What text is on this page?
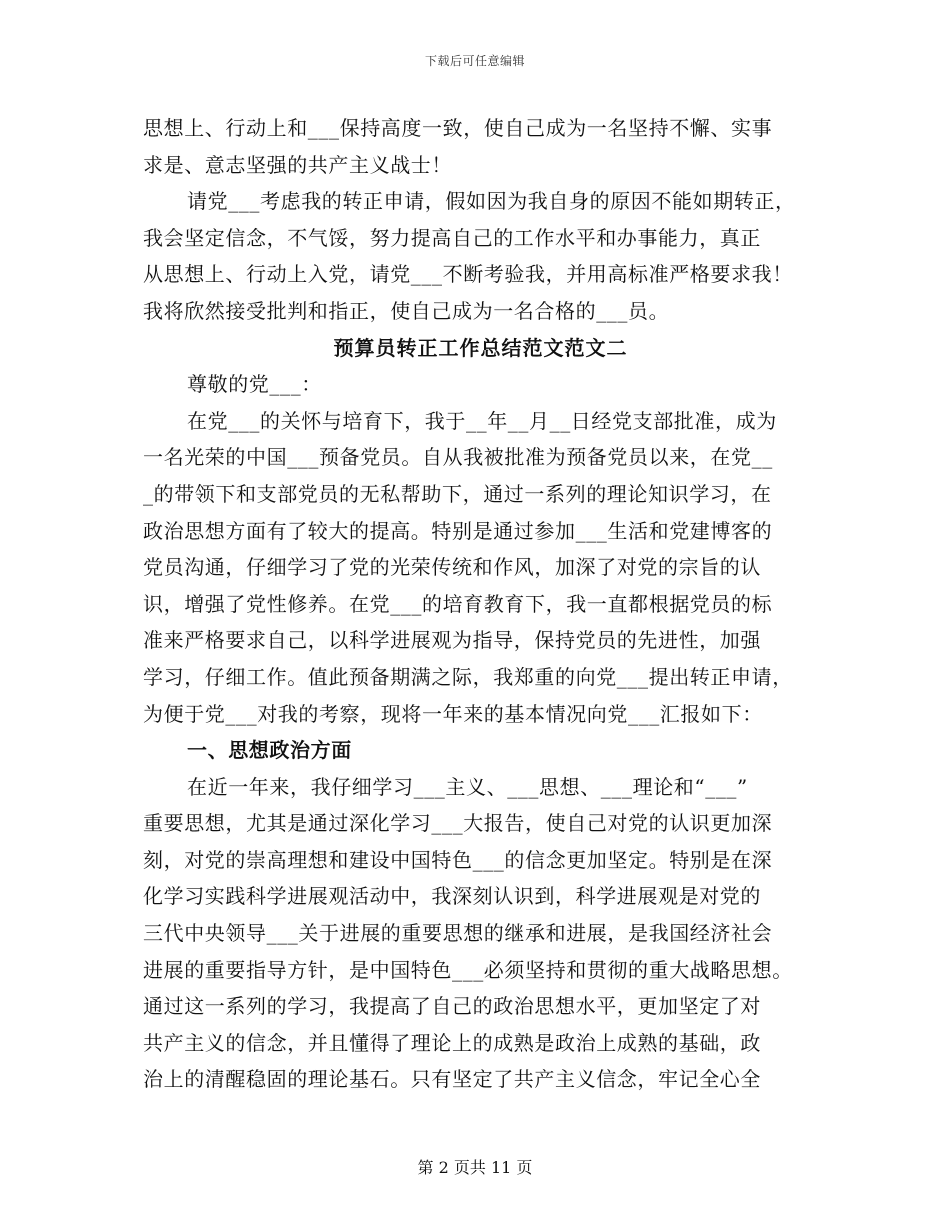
下载后可任意编辑
思想上、行动上和___保持高度一致，使自己成为一名坚持不懈、实事
求是、意志坚强的共产主义战士！
请党___考虑我的转正申请，假如因为我自身的原因不能如期转正，
我会坚定信念，不气馁，努力提高自己的工作水平和办事能力，真正
从思想上、行动上入党，请党___不断考验我，并用高标准严格要求我！
我将欣然接受批判和指正，使自己成为一名合格的___员。
预算员转正工作总结范文范文二
尊敬的党___：
在党___的关怀与培育下，我于__年__月__日经党支部批准，成为
一名光荣的中国___预备党员。自从我被批准为预备党员以来，在党__
_的带领下和支部党员的无私帮助下，通过一系列的理论知识学习，在
政治思想方面有了较大的提高。特别是通过参加___生活和党建博客的
党员沟通，仔细学习了党的光荣传统和作风，加深了对党的宗旨的认
识，增强了党性修养。在党___的培育教育下，我一直都根据党员的标
准来严格要求自己，以科学进展观为指导，保持党员的先进性，加强
学习，仔细工作。值此预备期满之际，我郑重的向党___提出转正申请，
为便于党___对我的考察，现将一年来的基本情况向党___汇报如下：
一、思想政治方面
在近一年来，我仔细学习___主义、___思想、___理论和“___”
重要思想，尤其是通过深化学习___大报告，使自己对党的认识更加深
刻，对党的崇高理想和建设中国特色___的信念更加坚定。特别是在深
化学习实践科学进展观活动中，我深刻认识到，科学进展观是对党的
三代中央领导___关于进展的重要思想的继承和进展，是我国经济社会
进展的重要指导方针，是中国特色___必须坚持和贯彻的重大战略思想。
通过这一系列的学习，我提高了自己的政治思想水平，更加坚定了对
共产主义的信念，并且懂得了理论上的成熟是政治上成熟的基础，政
治上的清醒稳固的理论基石。只有坚定了共产主义信念，牢记全心全
第 2 页共 11 页
